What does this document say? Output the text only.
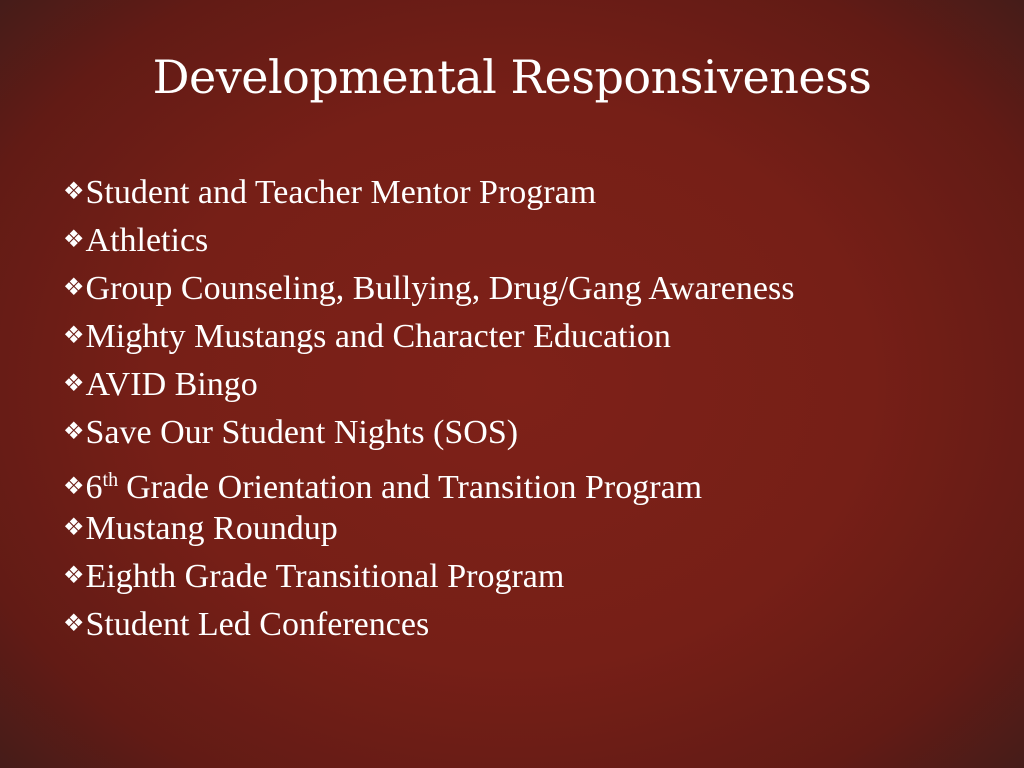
Developmental Responsiveness
❖Student and Teacher Mentor Program
❖Athletics
❖Group Counseling, Bullying, Drug/Gang Awareness
❖Mighty Mustangs and Character Education
❖AVID Bingo
❖Save Our Student Nights (SOS)
❖6th Grade Orientation and Transition Program
❖Mustang Roundup
❖Eighth Grade Transitional Program
❖Student Led Conferences
